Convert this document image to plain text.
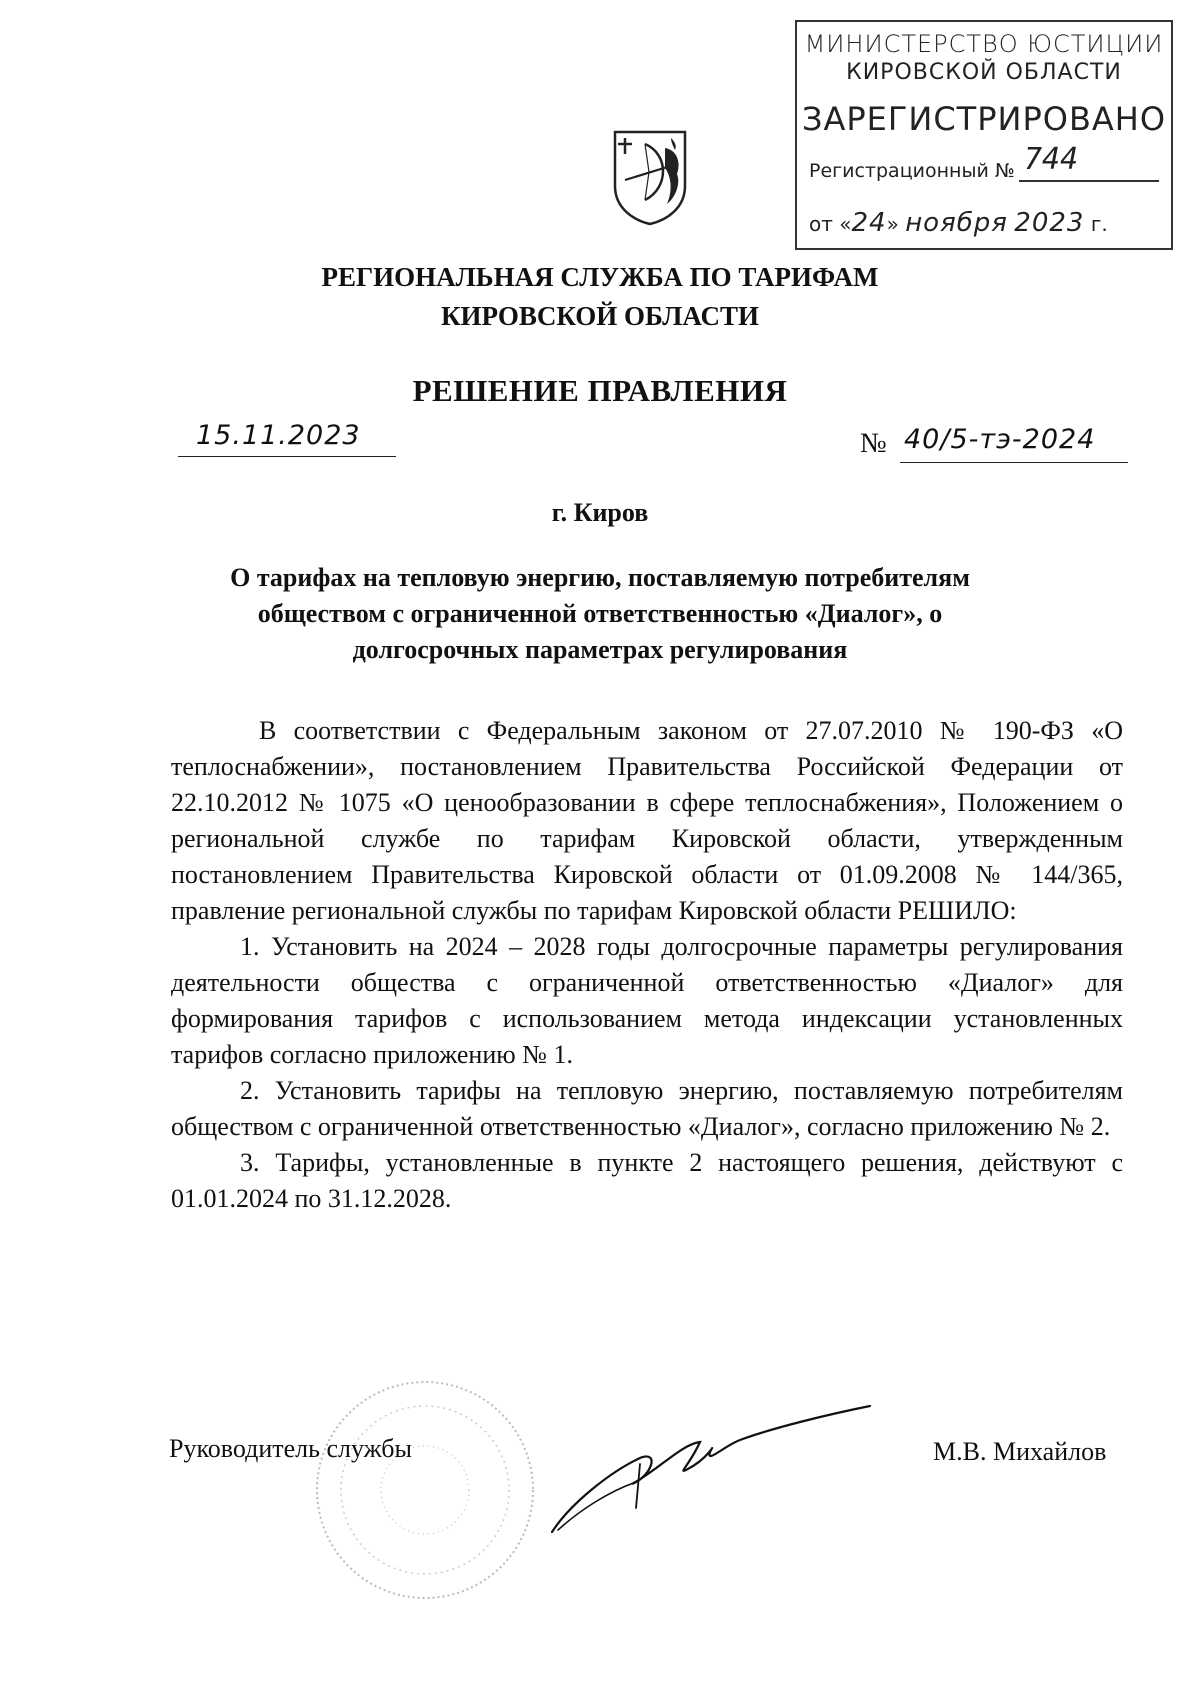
МИНИСТЕРСТВО ЮСТИЦИИ
КИРОВСКОЙ ОБЛАСТИ
ЗАРЕГИСТРИРОВАНО
Регистрационный № 744
от «24» ноября 2023 г.
РЕГИОНАЛЬНАЯ СЛУЖБА ПО ТАРИФАМ
КИРОВСКОЙ ОБЛАСТИ
РЕШЕНИЕ ПРАВЛЕНИЯ
15.11.2023	№ 40/5-тэ-2024
г. Киров
О тарифах на тепловую энергию, поставляемую потребителям обществом с ограниченной ответственностью «Диалог», о долгосрочных параметрах регулирования

В соответствии с Федеральным законом от 27.07.2010 № 190-ФЗ «О теплоснабжении», постановлением Правительства Российской Федерации от 22.10.2012 № 1075 «О ценообразовании в сфере теплоснабжения», Положением о региональной службе по тарифам Кировской области, утвержденным постановлением Правительства Кировской области от 01.09.2008 № 144/365, правление региональной службы по тарифам Кировской области РЕШИЛО:

1. Установить на 2024 – 2028 годы долгосрочные параметры регулирования деятельности общества с ограниченной ответственностью «Диалог» для формирования тарифов с использованием метода индексации установленных тарифов согласно приложению № 1.

2. Установить тарифы на тепловую энергию, поставляемую потребителям обществом с ограниченной ответственностью «Диалог», согласно приложению № 2.

3. Тарифы, установленные в пункте 2 настоящего решения, действуют с 01.01.2024 по 31.12.2028.

Руководитель службы	М.В. Михайлов
